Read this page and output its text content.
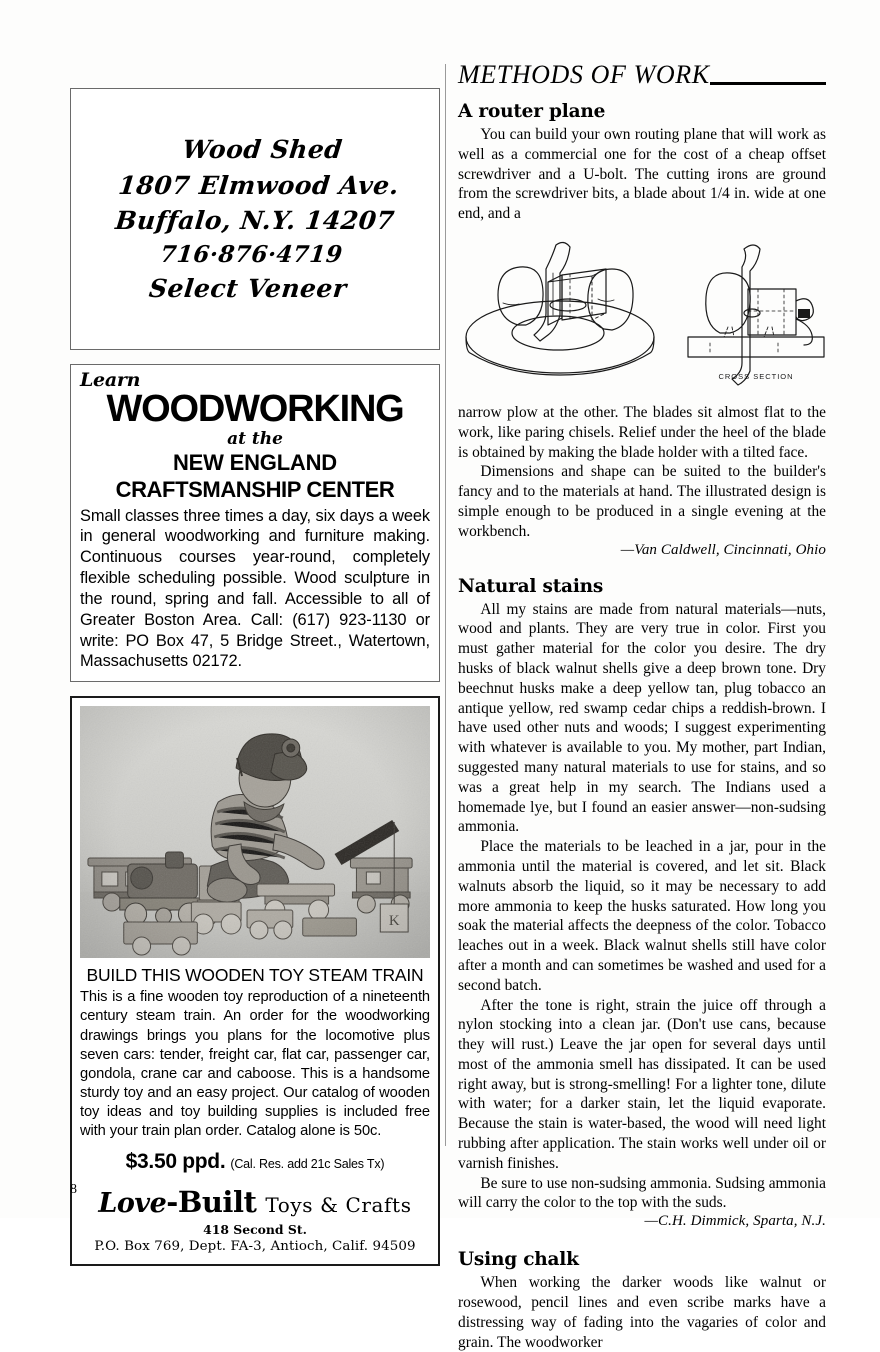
Wood Shed
1807 Elmwood Ave.
Buffalo, N.Y. 14207
716·876·4719
Select Veneer
Learn
WOODWORKING
at the
NEW ENGLAND
CRAFTSMANSHIP CENTER
Small classes three times a day, six days a week in general woodworking and furniture making. Continuous courses year-round, completely flexible scheduling possible. Wood sculpture in the round, spring and fall. Accessible to all of Greater Boston Area. Call: (617) 923-1130 or write: PO Box 47, 5 Bridge Street., Watertown, Massachusetts 02172.
BUILD THIS WOODEN TOY STEAM TRAIN
This is a fine wooden toy reproduction of a nineteenth century steam train. An order for the woodworking drawings brings you plans for the locomotive plus seven cars: tender, freight car, flat car, passenger car, gondola, crane car and caboose. This is a handsome sturdy toy and an easy project. Our catalog of wooden toy ideas and toy building supplies is included free with your train plan order. Catalog alone is 50c.
$3.50 ppd. (Cal. Res. add 21c Sales Tx)
Love-Built Toys & Crafts
418 Second St.
P.O. Box 769, Dept. FA-3, Antioch, Calif. 94509
METHODS OF WORK
A router plane

You can build your own routing plane that will work as well as a commercial one for the cost of a cheap offset screwdriver and a U-bolt. The cutting irons are ground from the screwdriver bits, a blade about 1/4 in. wide at one end, and a

CROSS SECTION

narrow plow at the other. The blades sit almost flat to the work, like paring chisels. Relief under the heel of the blade is obtained by making the blade holder with a tilted face.

Dimensions and shape can be suited to the builder's fancy and to the materials at hand. The illustrated design is simple enough to be produced in a single evening at the workbench.

—Van Caldwell, Cincinnati, Ohio
Natural stains

All my stains are made from natural materials—nuts, wood and plants. They are very true in color. First you must gather material for the color you desire. The dry husks of black walnut shells give a deep brown tone. Dry beechnut husks make a deep yellow tan, plug tobacco an antique yellow, red swamp cedar chips a reddish-brown. I have used other nuts and woods; I suggest experimenting with whatever is available to you. My mother, part Indian, suggested many natural materials to use for stains, and so was a great help in my search. The Indians used a homemade lye, but I found an easier answer—non-sudsing ammonia.

Place the materials to be leached in a jar, pour in the ammonia until the material is covered, and let sit. Black walnuts absorb the liquid, so it may be necessary to add more ammonia to keep the husks saturated. How long you soak the material affects the deepness of the color. Tobacco leaches out in a week. Black walnut shells still have color after a month and can sometimes be washed and used for a second batch.

After the tone is right, strain the juice off through a nylon stocking into a clean jar. (Don't use cans, because they will rust.) Leave the jar open for several days until most of the ammonia smell has dissipated. It can be used right away, but is strong-smelling! For a lighter tone, dilute with water; for a darker stain, let the liquid evaporate. Because the stain is water-based, the wood will need light rubbing after application. The stain works well under oil or varnish finishes.

Be sure to use non-sudsing ammonia. Sudsing ammonia will carry the color to the top with the suds.

—C.H. Dimmick, Sparta, N.J.
Using chalk

When working the darker woods like walnut or rosewood, pencil lines and even scribe marks have a distressing way of fading into the vagaries of color and grain. The woodworker

8
